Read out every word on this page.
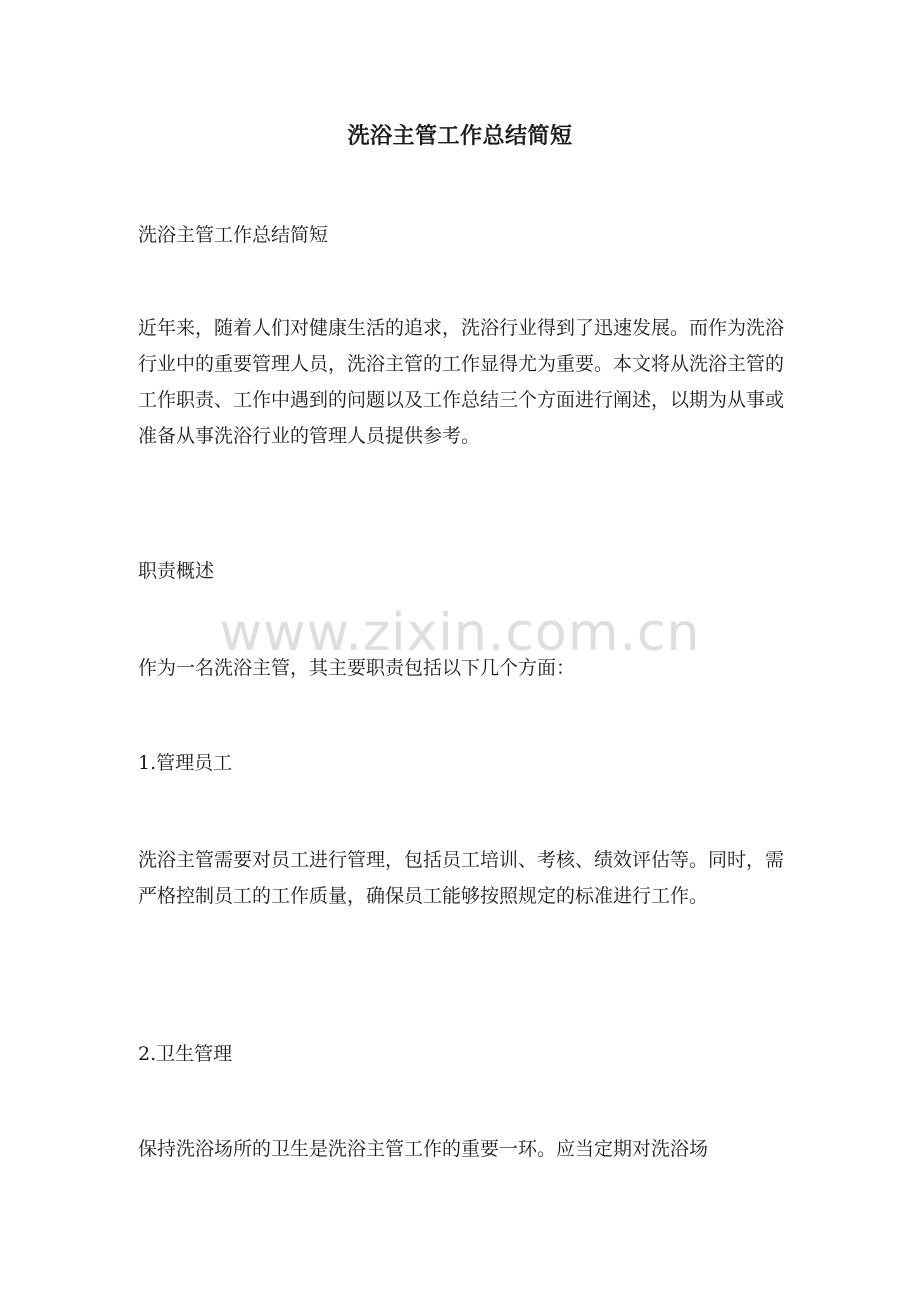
洗浴主管工作总结简短

洗浴主管工作总结简短

近年来，随着人们对健康生活的追求，洗浴行业得到了迅速发展。而作为洗浴行业中的重要管理人员，洗浴主管的工作显得尤为重要。本文将从洗浴主管的工作职责、工作中遇到的问题以及工作总结三个方面进行阐述，以期为从事或准备从事洗浴行业的管理人员提供参考。

职责概述

作为一名洗浴主管，其主要职责包括以下几个方面：

1.管理员工

洗浴主管需要对员工进行管理，包括员工培训、考核、绩效评估等。同时，需严格控制员工的工作质量，确保员工能够按照规定的标准进行工作。

2.卫生管理

保持洗浴场所的卫生是洗浴主管工作的重要一环。应当定期对洗浴场

www.zixin.com.cn
